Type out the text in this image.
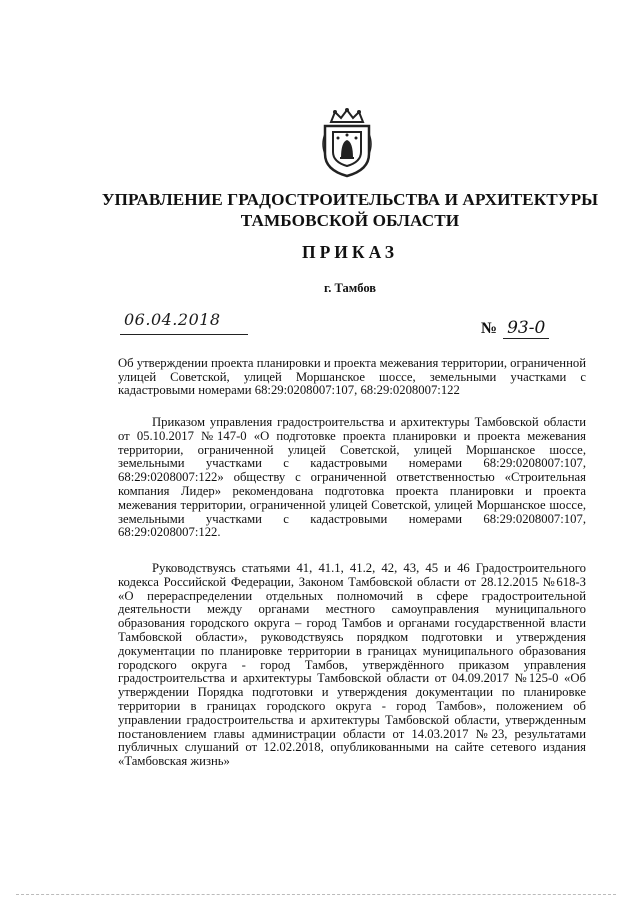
УПРАВЛЕНИЕ ГРАДОСТРОИТЕЛЬСТВА И АРХИТЕКТУРЫ
ТАМБОВСКОЙ ОБЛАСТИ
ПРИКАЗ
г. Тамбов
06.04.2018	№ 93-0
Об утверждении проекта планировки и проекта межевания территории, ограниченной улицей Советской, улицей Моршанское шоссе, земельными участками с кадастровыми номерами 68:29:0208007:107, 68:29:0208007:122
Приказом управления градостроительства и архитектуры Тамбовской области от 05.10.2017 №147-0 «О подготовке проекта планировки и проекта межевания территории, ограниченной улицей Советской, улицей Моршанское шоссе, земельными участками с кадастровыми номерами 68:29:0208007:107, 68:29:0208007:122» обществу с ограниченной ответственностью «Строительная компания Лидер» рекомендована подготовка проекта планировки и проекта межевания территории, ограниченной улицей Советской, улицей Моршанское шоссе, земельными участками с кадастровыми номерами 68:29:0208007:107, 68:29:0208007:122.
Руководствуясь статьями 41, 41.1, 41.2, 42, 43, 45 и 46 Градостроительного кодекса Российской Федерации, Законом Тамбовской области от 28.12.2015 №618-З «О перераспределении отдельных полномочий в сфере градостроительной деятельности между органами местного самоуправления муниципального образования городского округа – город Тамбов и органами государственной власти Тамбовской области», руководствуясь порядком подготовки и утверждения документации по планировке территории в границах муниципального образования городского округа - город Тамбов, утверждённого приказом управления градостроительства и архитектуры Тамбовской области от 04.09.2017 №125-0 «Об утверждении Порядка подготовки и утверждения документации по планировке территории в границах городского округа - город Тамбов», положением об управлении градостроительства и архитектуры Тамбовской области, утвержденным постановлением главы администрации области от 14.03.2017 №23, результатами публичных слушаний от 12.02.2018, опубликованными на сайте сетевого издания «Тамбовская жизнь»
